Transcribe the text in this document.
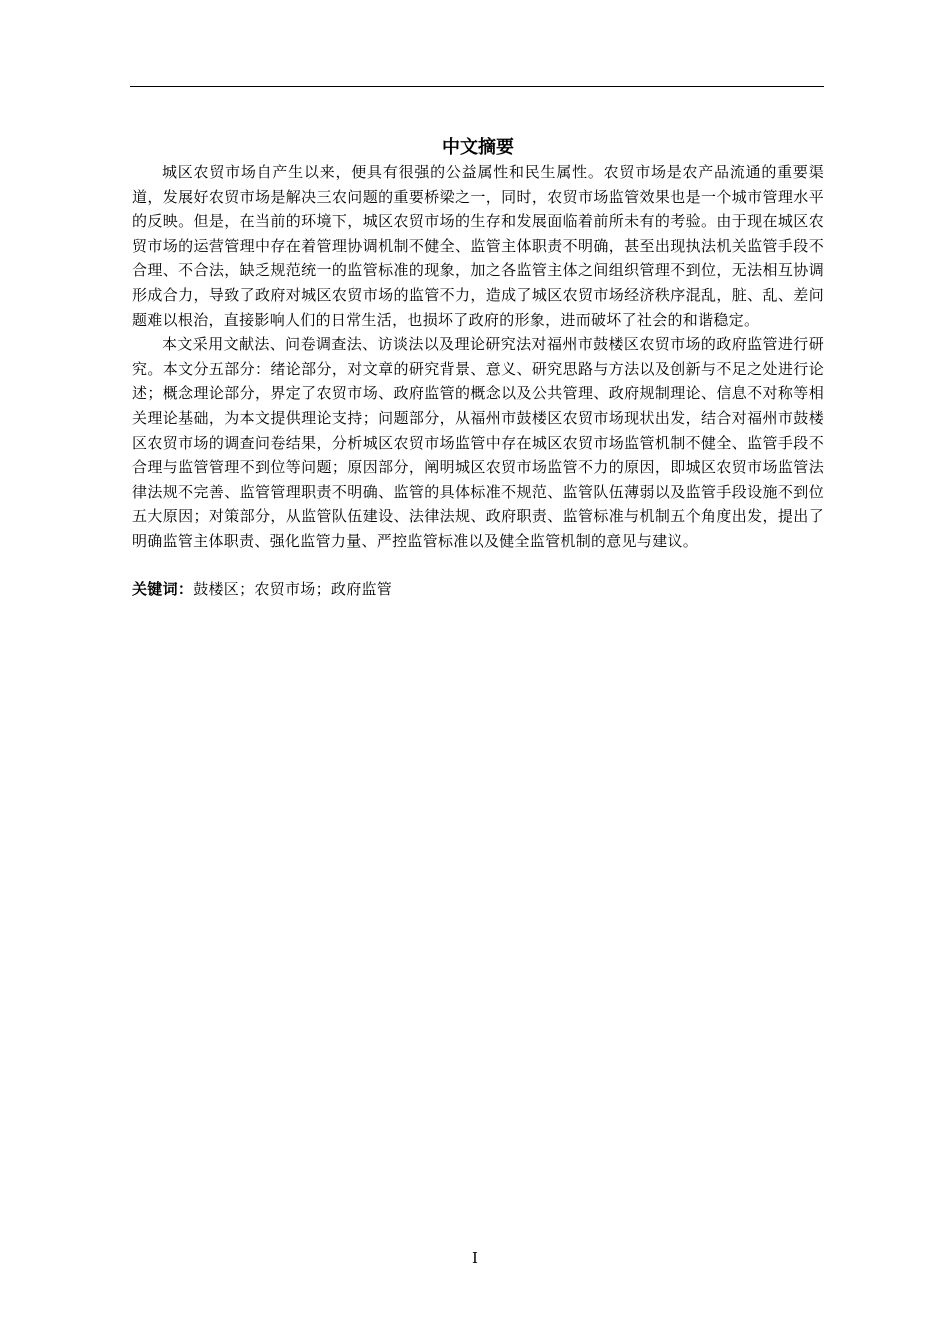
中文摘要

城区农贸市场自产生以来，便具有很强的公益属性和民生属性。农贸市场是农产品流通的重要渠道，发展好农贸市场是解决三农问题的重要桥梁之一，同时，农贸市场监管效果也是一个城市管理水平的反映。但是，在当前的环境下，城区农贸市场的生存和发展面临着前所未有的考验。由于现在城区农贸市场的运营管理中存在着管理协调机制不健全、监管主体职责不明确，甚至出现执法机关监管手段不合理、不合法，缺乏规范统一的监管标准的现象，加之各监管主体之间组织管理不到位，无法相互协调形成合力，导致了政府对城区农贸市场的监管不力，造成了城区农贸市场经济秩序混乱，脏、乱、差问题难以根治，直接影响人们的日常生活，也损坏了政府的形象，进而破坏了社会的和谐稳定。

本文采用文献法、问卷调查法、访谈法以及理论研究法对福州市鼓楼区农贸市场的政府监管进行研究。本文分五部分：绪论部分，对文章的研究背景、意义、研究思路与方法以及创新与不足之处进行论述；概念理论部分，界定了农贸市场、政府监管的概念以及公共管理、政府规制理论、信息不对称等相关理论基础，为本文提供理论支持；问题部分，从福州市鼓楼区农贸市场现状出发，结合对福州市鼓楼区农贸市场的调查问卷结果，分析城区农贸市场监管中存在城区农贸市场监管机制不健全、监管手段不合理与监管管理不到位等问题；原因部分，阐明城区农贸市场监管不力的原因，即城区农贸市场监管法律法规不完善、监管管理职责不明确、监管的具体标准不规范、监管队伍薄弱以及监管手段设施不到位五大原因；对策部分，从监管队伍建设、法律法规、政府职责、监管标准与机制五个角度出发，提出了明确监管主体职责、强化监管力量、严控监管标准以及健全监管机制的意见与建议。

关键词：鼓楼区；农贸市场；政府监管
I
